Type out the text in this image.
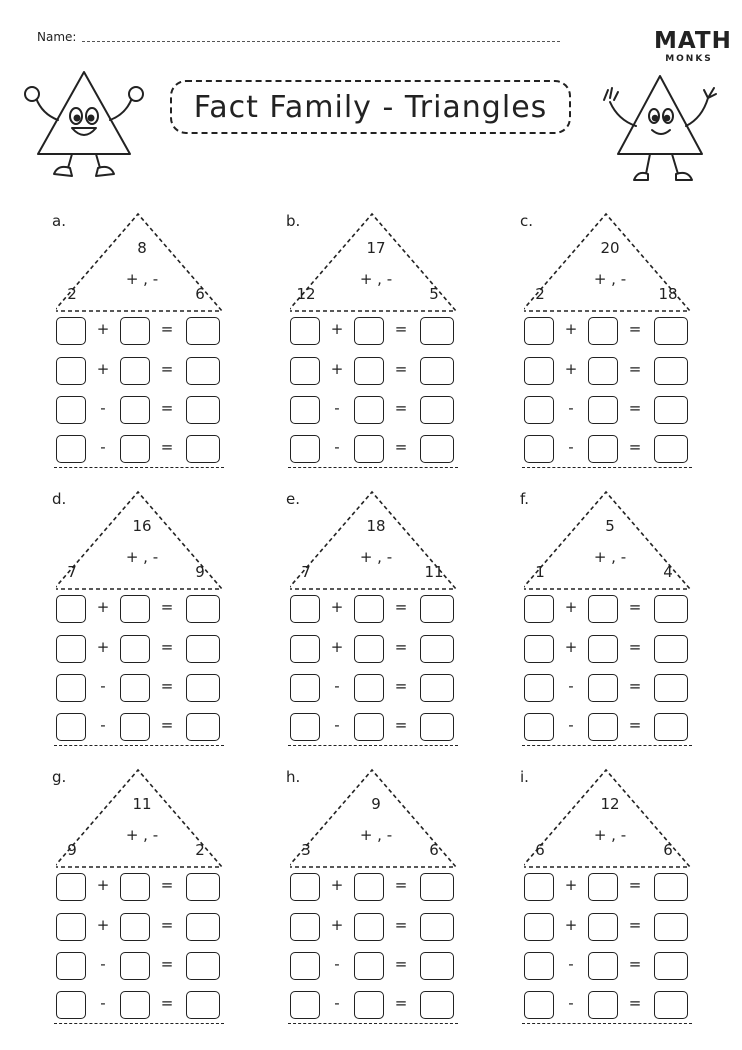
Name:	MATH
MONKS
Fact Family - Triangles
a.
8
+ , -
2	6
+	=
+	=
-	=
-	=
b.
17
+ , -
12	5
+	=
+	=
-	=
-	=
c.
20
+ , -
2	18
+	=
+	=
-	=
-	=
d.
16
+ , -
7	9
+	=
+	=
-	=
-	=
e.
18
+ , -
7	11
+	=
+	=
-	=
-	=
f.
5
+ , -
1	4
+	=
+	=
-	=
-	=
g.
11
+ , -
9	2
+	=
+	=
-	=
-	=
h.
9
+ , -
3	6
+	=
+	=
-	=
-	=
i.
12
+ , -
6	6
+	=
+	=
-	=
-	=
